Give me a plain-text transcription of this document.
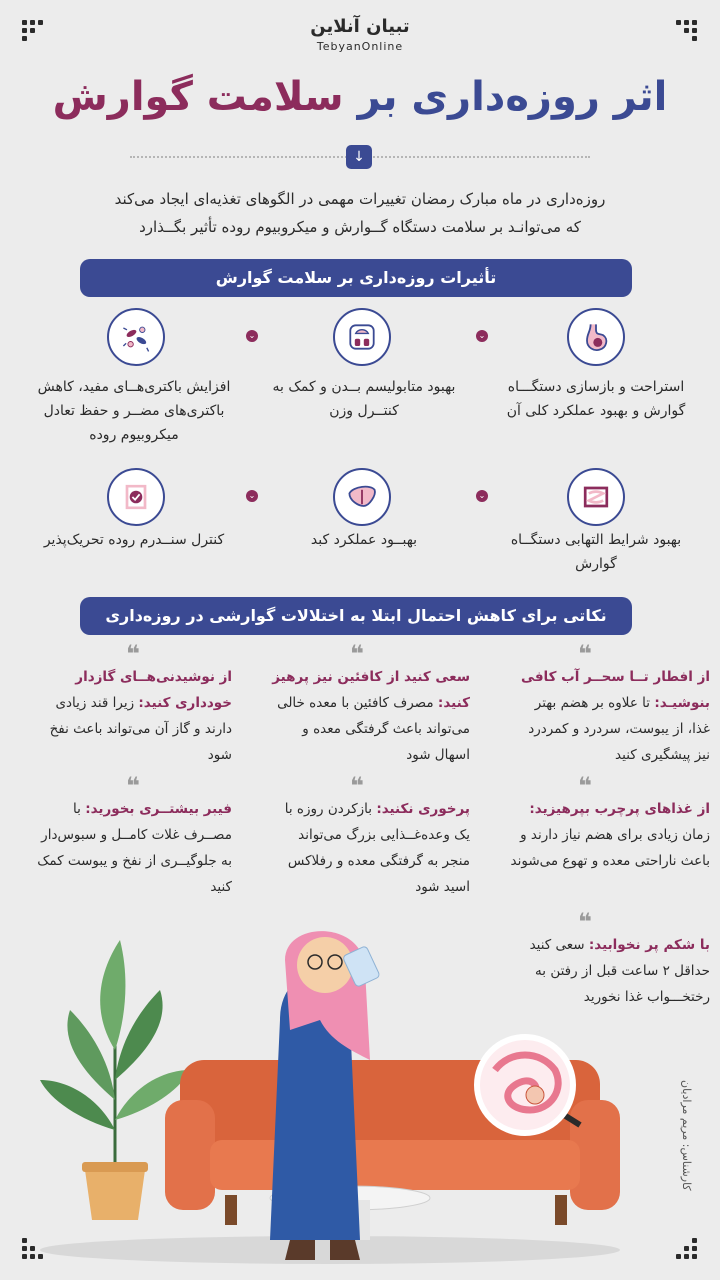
تبیان آنلاین
TebyanOnline
اثر روزه‌داری بر سلامت گوارش
↓
روزه‌داری در ماه مبارک رمضان تغییرات مهمی در الگوهای تغذیه‌ای ایجاد می‌کند
که می‌توانـد بر سلامت دستگاه گــوارش و میکروبیوم روده تأثیر بگــذارد
تأثیرات روزه‌داری بر سلامت گوارش
⌄
⌄
استراحت و بازسازی دستگـــاه گوارش و بهبود عملکرد کلی آن
بهبود متابولیسم بــدن و کمک به کنتــرل وزن
افزایش باکتری‌هــای مفید، کاهش باکتری‌های مضــر و حفظ تعادل میکروبیوم روده
⌄
⌄
بهبود شرایط التهابی دستگــاه گوارش
بهبــود عملکرد کبد
کنترل سنــدرم روده تحریک‌پذیر
نکاتی برای کاهش احتمال ابتلا به اختلالات گوارشی در روزه‌داری
❝
❝
❝
از افطار تــا سحــر آب کافی بنوشیـد: تا علاوه بر هضم بهتر غذا، از یبوست، سردرد و کمردرد نیز پیشگیری کنید
سعی کنید از کافئین نیز پرهیز کنید: مصرف کافئین با معده خالی می‌تواند باعث گرفتگی معده و اسهال شود
از نوشیدنی‌هــای گازدار خودداری کنید: زیرا قند زیادی دارند و گاز آن می‌تواند باعث نفخ شود
❝
❝
❝
از غذاهای پرچرب بپرهیزید: زمان زیادی برای هضم نیاز دارند و باعث ناراحتی معده و تهوع می‌شوند
پرخوری نکنید: بازکردن روزه با یک وعده‌غــذایی بزرگ می‌تواند منجر به گرفتگی معده و رفلاکس اسید شود
فیبر بیشتــری بخورید: با مصــرف غلات کامــل و سبوس‌دار به جلوگیــری از نفخ و یبوست کمک کنید
❝
با شکم پر نخوابید: سعی کنید حداقل ۲ ساعت قبل از رفتن به رختخـــواب غذا نخورید
کارشناس: مریم مرادیان
